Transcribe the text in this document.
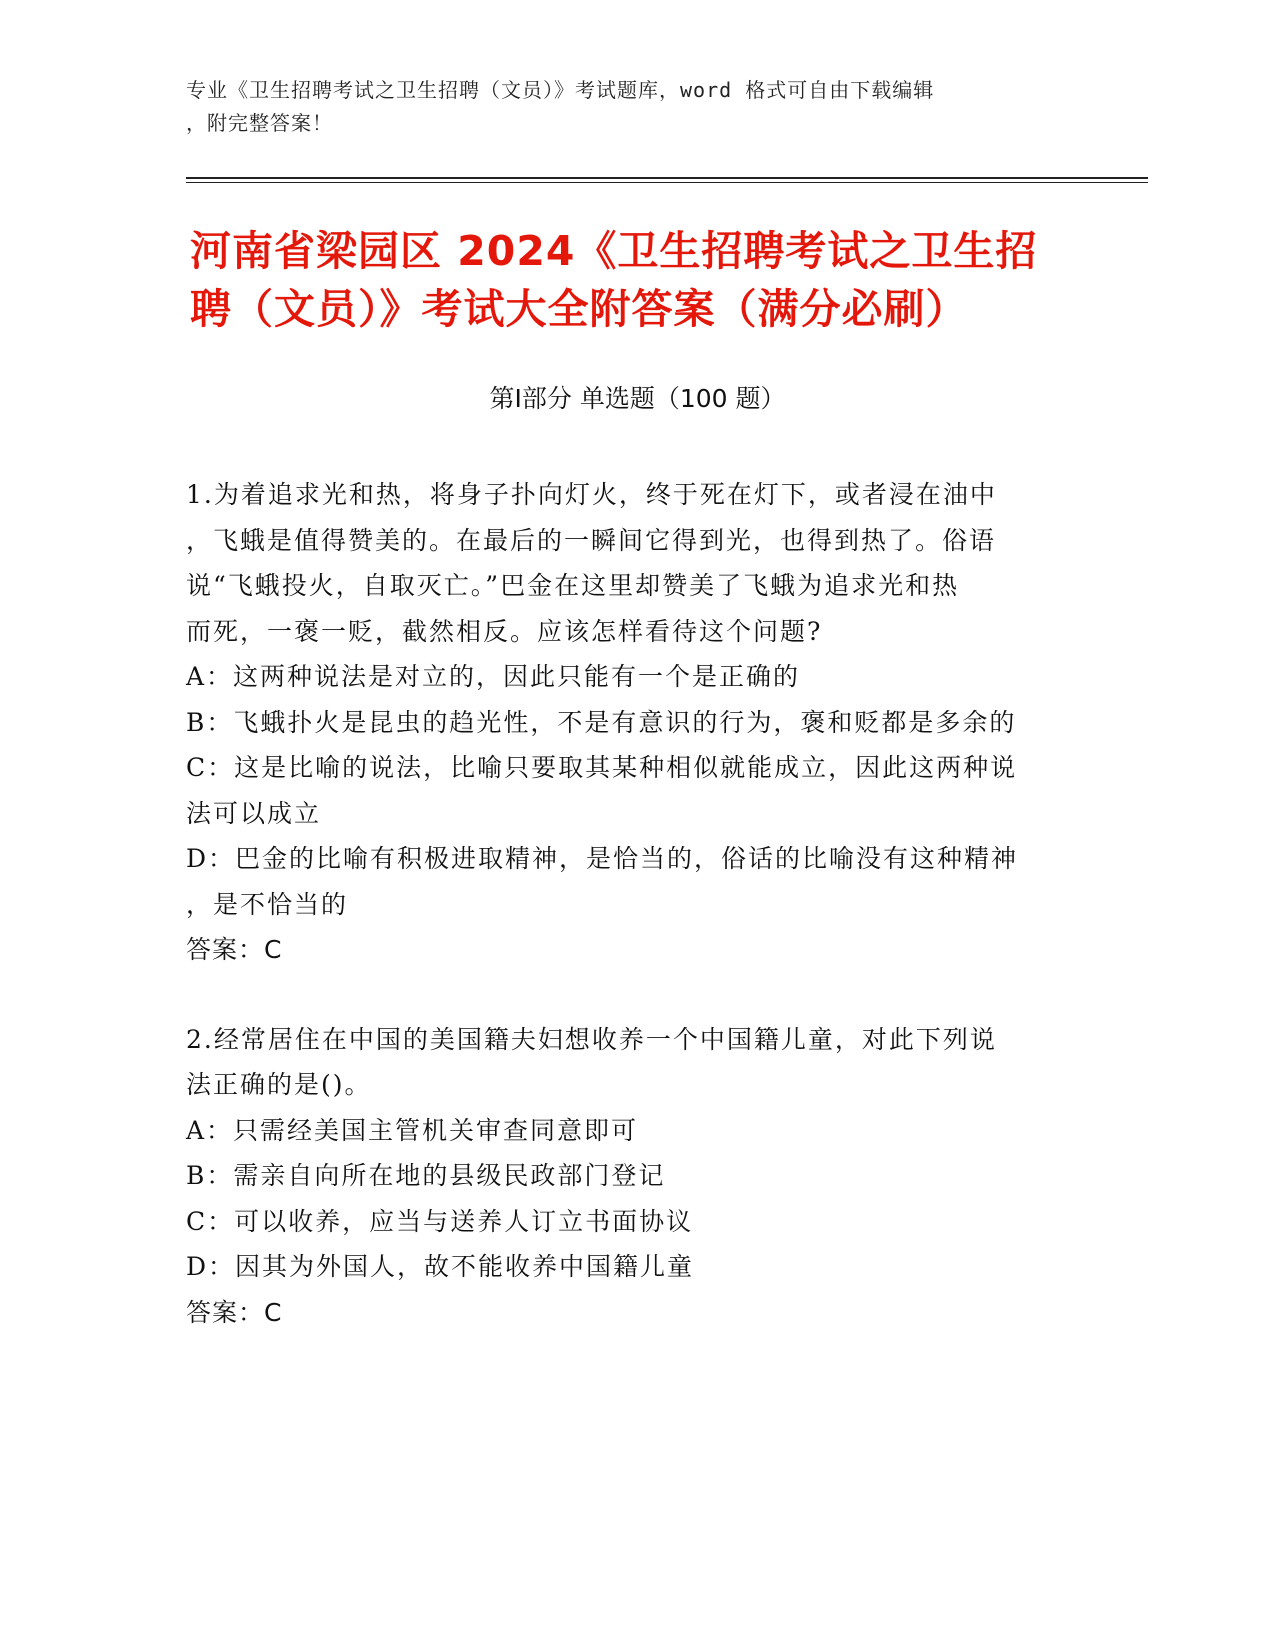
专业《卫生招聘考试之卫生招聘（文员）》考试题库，word 格式可自由下载编辑
，附完整答案！
河南省梁园区 2024《卫生招聘考试之卫生招
聘（文员）》考试大全附答案（满分必刷）
第Ⅰ部分 单选题（100 题）

1.为着追求光和热，将身子扑向灯火，终于死在灯下，或者浸在油中

，飞蛾是值得赞美的。在最后的一瞬间它得到光，也得到热了。俗语

说“飞蛾投火，自取灭亡。”巴金在这里却赞美了飞蛾为追求光和热

而死，一褒一贬，截然相反。应该怎样看待这个问题?

A：这两种说法是对立的，因此只能有一个是正确的

B：飞蛾扑火是昆虫的趋光性，不是有意识的行为，褒和贬都是多余的

C：这是比喻的说法，比喻只要取其某种相似就能成立，因此这两种说

法可以成立

D：巴金的比喻有积极进取精神，是恰当的，俗话的比喻没有这种精神

，是不恰当的

答案：C

2.经常居住在中国的美国籍夫妇想收养一个中国籍儿童，对此下列说

法正确的是()。

A：只需经美国主管机关审查同意即可

B：需亲自向所在地的县级民政部门登记

C：可以收养，应当与送养人订立书面协议

D：因其为外国人，故不能收养中国籍儿童

答案：C
